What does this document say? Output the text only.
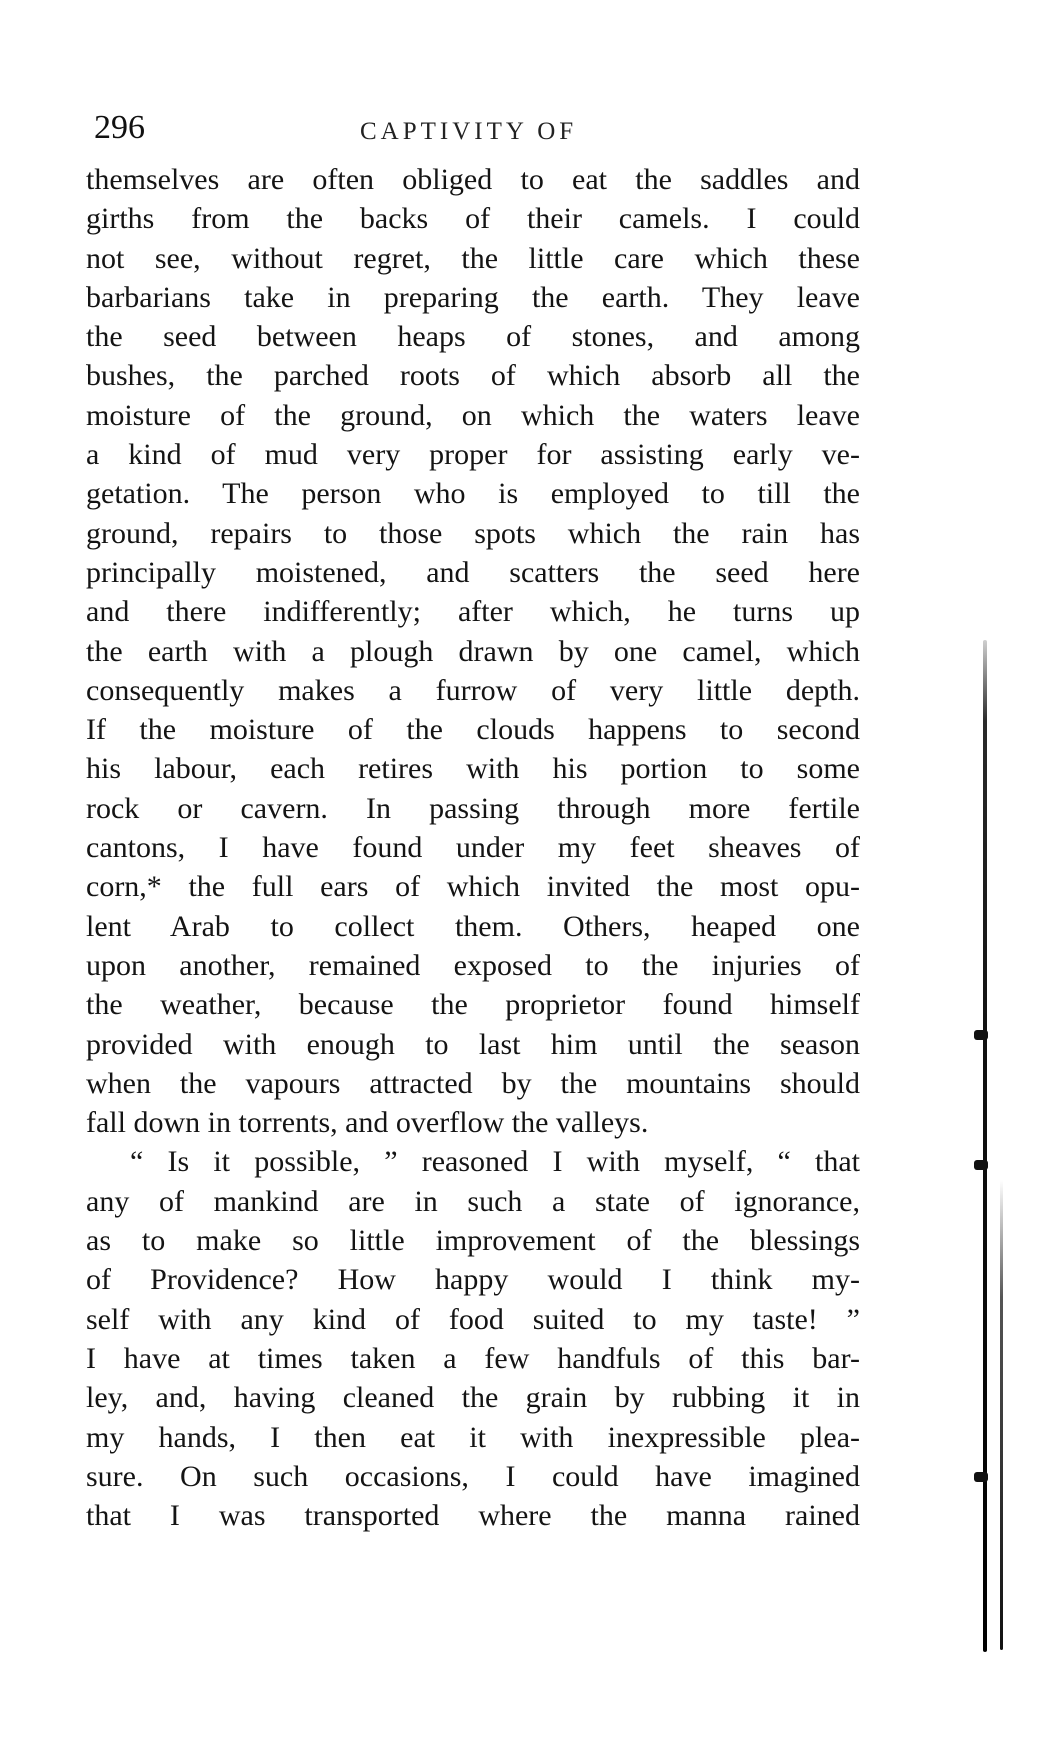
296	CAPTIVITY OF
themselves are often obliged to eat the saddles and
girths from the backs of their camels. I could
not see, without regret, the little care which these
barbarians take in preparing the earth. They leave
the seed between heaps of stones, and among
bushes, the parched roots of which absorb all the
moisture of the ground, on which the waters leave
a kind of mud very proper for assisting early ve-
getation. The person who is employed to till the
ground, repairs to those spots which the rain has
principally moistened, and scatters the seed here
and there indifferently; after which, he turns up
the earth with a plough drawn by one camel, which
consequently makes a furrow of very little depth.
If the moisture of the clouds happens to second
his labour, each retires with his portion to some
rock or cavern. In passing through more fertile
cantons, I have found under my feet sheaves of
corn,* the full ears of which invited the most opu-
lent Arab to collect them. Others, heaped one
upon another, remained exposed to the injuries of
the weather, because the proprietor found himself
provided with enough to last him until the season
when the vapours attracted by the mountains should
fall down in torrents, and overflow the valleys.
“ Is it possible, ” reasoned I with myself, “ that
any of mankind are in such a state of ignorance,
as to make so little improvement of the blessings
of Providence? How happy would I think my-
self with any kind of food suited to my taste! ”
I have at times taken a few handfuls of this bar-
ley, and, having cleaned the grain by rubbing it in
my hands, I then eat it with inexpressible plea-
sure. On such occasions, I could have imagined
that I was transported where the manna rained
